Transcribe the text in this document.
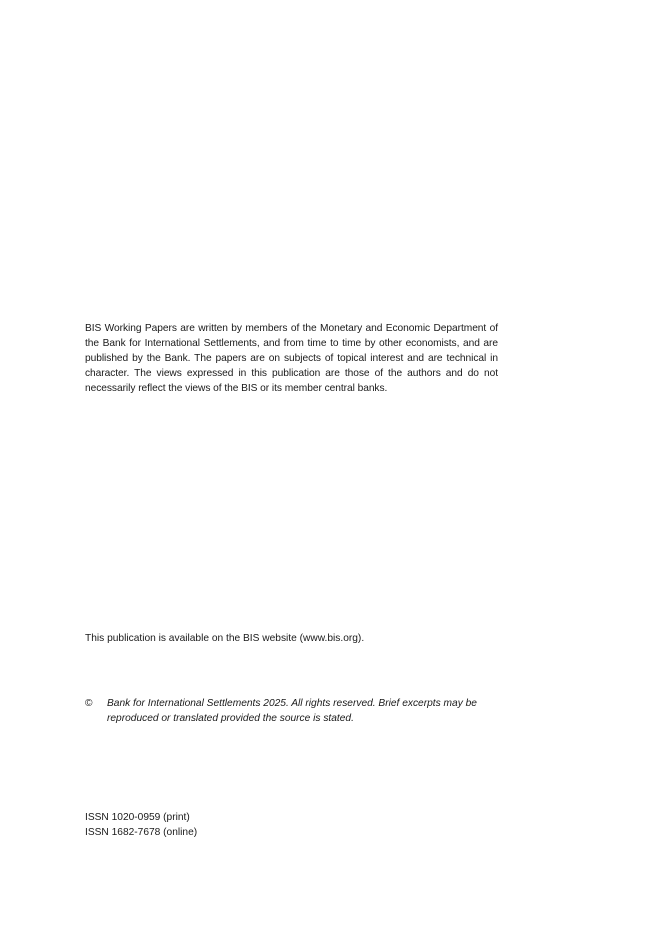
BIS Working Papers are written by members of the Monetary and Economic Department of the Bank for International Settlements, and from time to time by other economists, and are published by the Bank. The papers are on subjects of topical interest and are technical in character. The views expressed in this publication are those of the authors and do not necessarily reflect the views of the BIS or its member central banks.

This publication is available on the BIS website (www.bis.org).

©	Bank for International Settlements 2025. All rights reserved. Brief excerpts may be reproduced or translated provided the source is stated.

ISSN 1020-0959 (print)
ISSN 1682-7678 (online)
